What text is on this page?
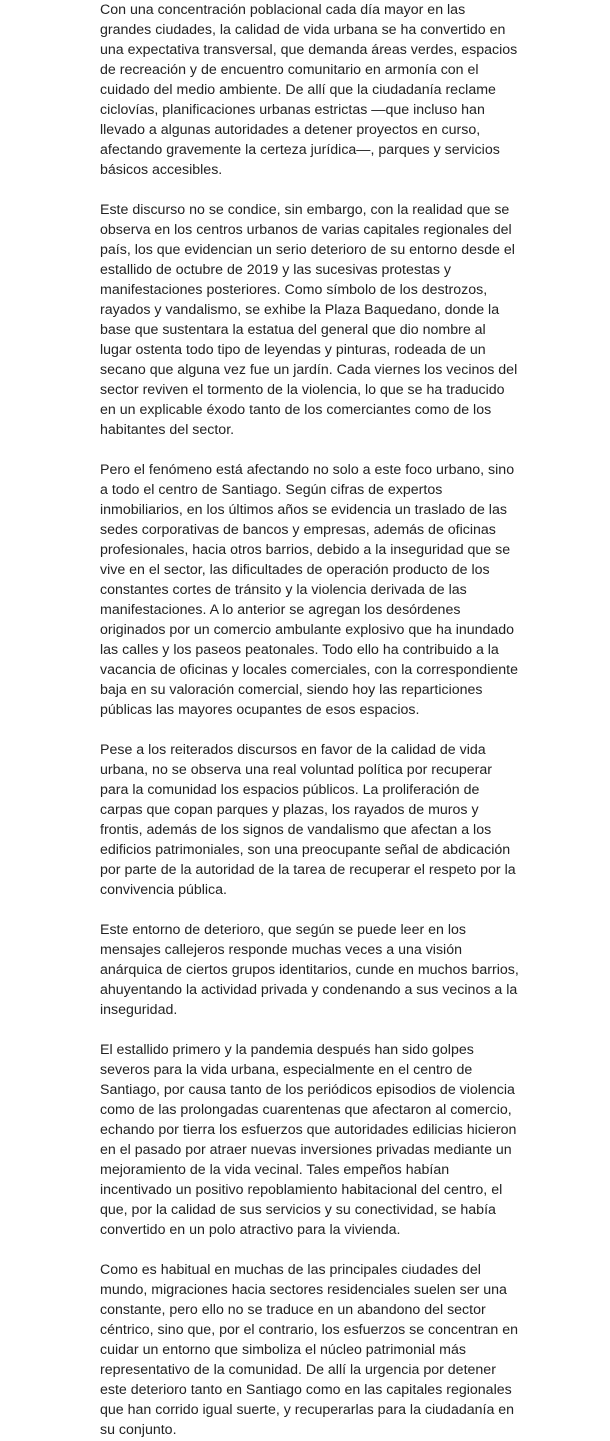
Con una concentración poblacional cada día mayor en las grandes ciudades, la calidad de vida urbana se ha convertido en una expectativa transversal, que demanda áreas verdes, espacios de recreación y de encuentro comunitario en armonía con el cuidado del medio ambiente. De allí que la ciudadanía reclame ciclovías, planificaciones urbanas estrictas —que incluso han llevado a algunas autoridades a detener proyectos en curso, afectando gravemente la certeza jurídica—, parques y servicios básicos accesibles.

Este discurso no se condice, sin embargo, con la realidad que se observa en los centros urbanos de varias capitales regionales del país, los que evidencian un serio deterioro de su entorno desde el estallido de octubre de 2019 y las sucesivas protestas y manifestaciones posteriores. Como símbolo de los destrozos, rayados y vandalismo, se exhibe la Plaza Baquedano, donde la base que sustentara la estatua del general que dio nombre al lugar ostenta todo tipo de leyendas y pinturas, rodeada de un secano que alguna vez fue un jardín. Cada viernes los vecinos del sector reviven el tormento de la violencia, lo que se ha traducido en un explicable éxodo tanto de los comerciantes como de los habitantes del sector.

Pero el fenómeno está afectando no solo a este foco urbano, sino a todo el centro de Santiago. Según cifras de expertos inmobiliarios, en los últimos años se evidencia un traslado de las sedes corporativas de bancos y empresas, además de oficinas profesionales, hacia otros barrios, debido a la inseguridad que se vive en el sector, las dificultades de operación producto de los constantes cortes de tránsito y la violencia derivada de las manifestaciones. A lo anterior se agregan los desórdenes originados por un comercio ambulante explosivo que ha inundado las calles y los paseos peatonales. Todo ello ha contribuido a la vacancia de oficinas y locales comerciales, con la correspondiente baja en su valoración comercial, siendo hoy las reparticiones públicas las mayores ocupantes de esos espacios.

Pese a los reiterados discursos en favor de la calidad de vida urbana, no se observa una real voluntad política por recuperar para la comunidad los espacios públicos. La proliferación de carpas que copan parques y plazas, los rayados de muros y frontis, además de los signos de vandalismo que afectan a los edificios patrimoniales, son una preocupante señal de abdicación por parte de la autoridad de la tarea de recuperar el respeto por la convivencia pública.

Este entorno de deterioro, que según se puede leer en los mensajes callejeros responde muchas veces a una visión anárquica de ciertos grupos identitarios, cunde en muchos barrios, ahuyentando la actividad privada y condenando a sus vecinos a la inseguridad.

El estallido primero y la pandemia después han sido golpes severos para la vida urbana, especialmente en el centro de Santiago, por causa tanto de los periódicos episodios de violencia como de las prolongadas cuarentenas que afectaron al comercio, echando por tierra los esfuerzos que autoridades edilicias hicieron en el pasado por atraer nuevas inversiones privadas mediante un mejoramiento de la vida vecinal. Tales empeños habían incentivado un positivo repoblamiento habitacional del centro, el que, por la calidad de sus servicios y su conectividad, se había convertido en un polo atractivo para la vivienda.

Como es habitual en muchas de las principales ciudades del mundo, migraciones hacia sectores residenciales suelen ser una constante, pero ello no se traduce en un abandono del sector céntrico, sino que, por el contrario, los esfuerzos se concentran en cuidar un entorno que simboliza el núcleo patrimonial más representativo de la comunidad. De allí la urgencia por detener este deterioro tanto en Santiago como en las capitales regionales que han corrido igual suerte, y recuperarlas para la ciudadanía en su conjunto.
